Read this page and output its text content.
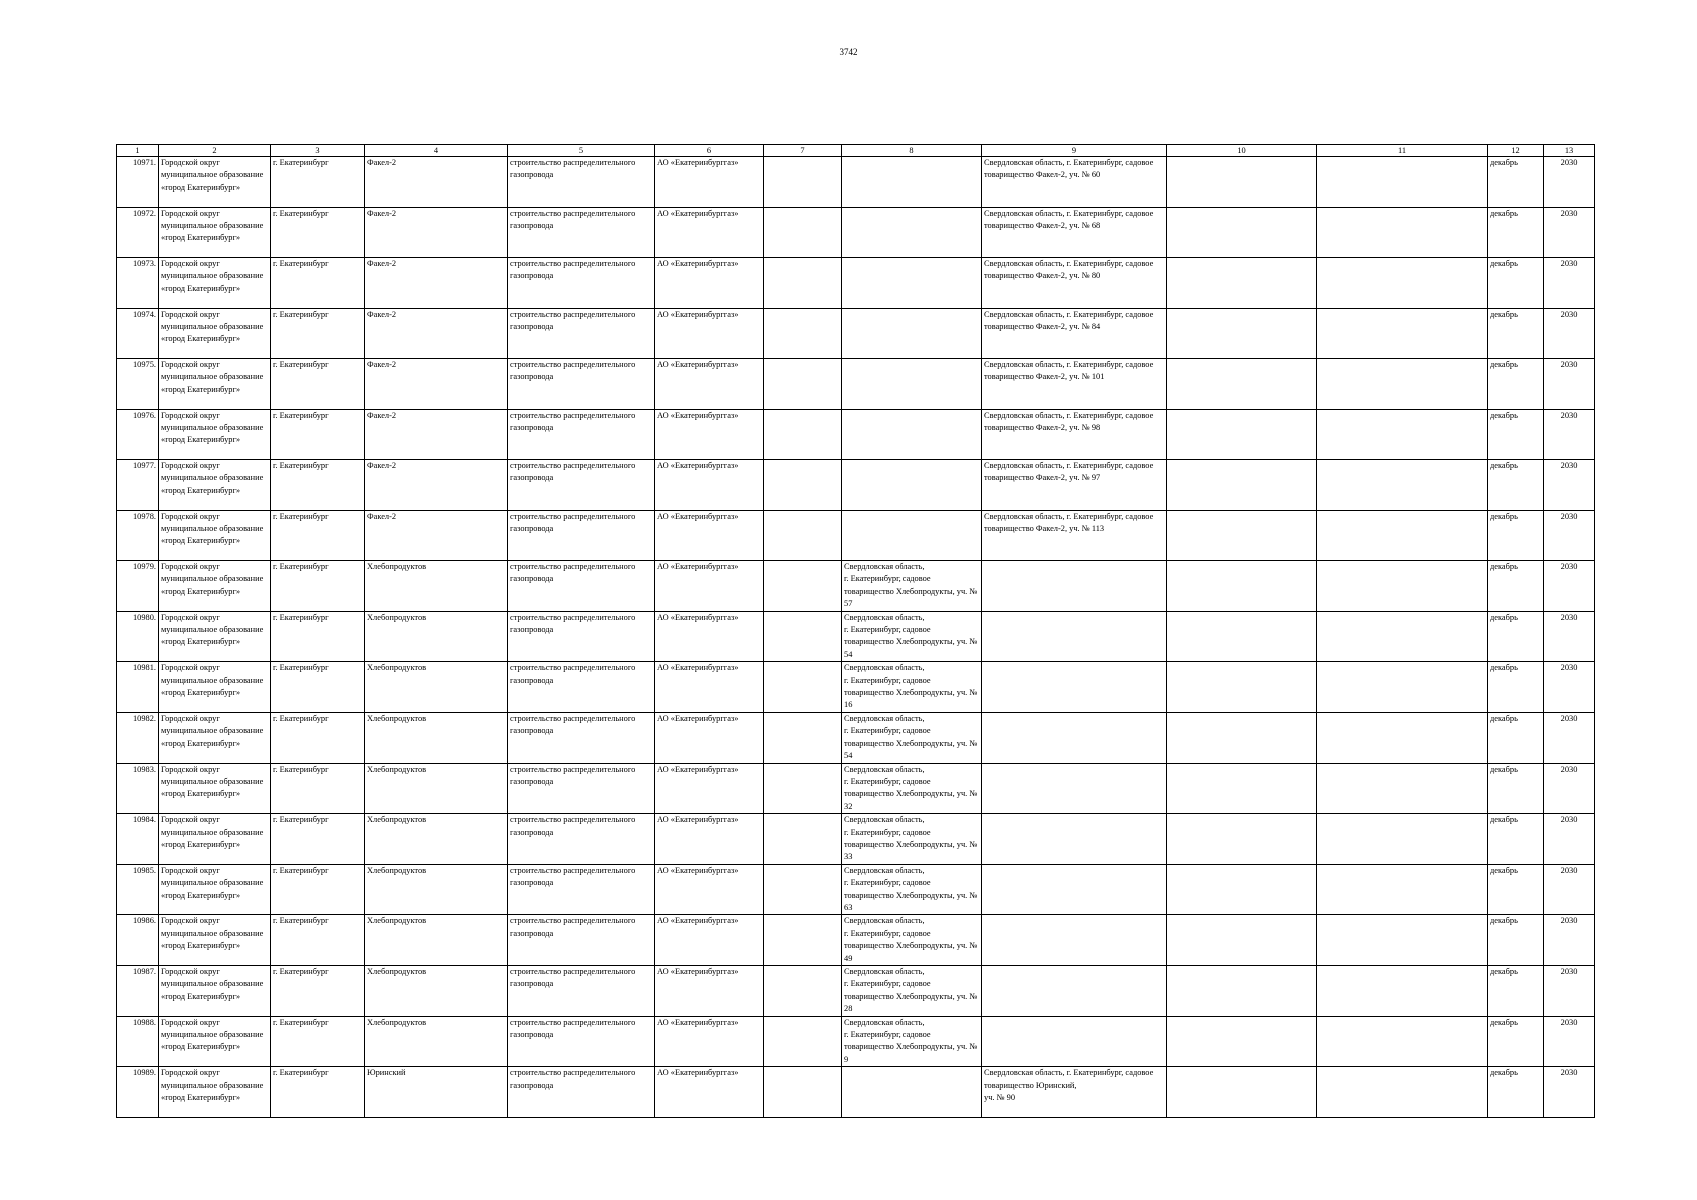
3742
1	2	3	4	5	6	7	8	9	10	11	12	13
10971.	Городской округ муниципальное образование «город Екатеринбург»	г. Екатеринбург	Факел-2	строительство распределительного газопровода	АО «Екатеринбурггаз»			Свердловская область, г. Екатеринбург, садовое товарищество Факел-2, уч. № 60			декабрь	2030
10972.	Городской округ муниципальное образование «город Екатеринбург»	г. Екатеринбург	Факел-2	строительство распределительного газопровода	АО «Екатеринбурггаз»			Свердловская область, г. Екатеринбург, садовое товарищество Факел-2, уч. № 68			декабрь	2030
10973.	Городской округ муниципальное образование «город Екатеринбург»	г. Екатеринбург	Факел-2	строительство распределительного газопровода	АО «Екатеринбурггаз»			Свердловская область, г. Екатеринбург, садовое товарищество Факел-2, уч. № 80			декабрь	2030
10974.	Городской округ муниципальное образование «город Екатеринбург»	г. Екатеринбург	Факел-2	строительство распределительного газопровода	АО «Екатеринбурггаз»			Свердловская область, г. Екатеринбург, садовое товарищество Факел-2, уч. № 84			декабрь	2030
10975.	Городской округ муниципальное образование «город Екатеринбург»	г. Екатеринбург	Факел-2	строительство распределительного газопровода	АО «Екатеринбурггаз»			Свердловская область, г. Екатеринбург, садовое товарищество Факел-2, уч. № 101			декабрь	2030
10976.	Городской округ муниципальное образование «город Екатеринбург»	г. Екатеринбург	Факел-2	строительство распределительного газопровода	АО «Екатеринбурггаз»			Свердловская область, г. Екатеринбург, садовое товарищество Факел-2, уч. № 98			декабрь	2030
10977.	Городской округ муниципальное образование «город Екатеринбург»	г. Екатеринбург	Факел-2	строительство распределительного газопровода	АО «Екатеринбурггаз»			Свердловская область, г. Екатеринбург, садовое товарищество Факел-2, уч. № 97			декабрь	2030
10978.	Городской округ муниципальное образование «город Екатеринбург»	г. Екатеринбург	Факел-2	строительство распределительного газопровода	АО «Екатеринбурггаз»			Свердловская область, г. Екатеринбург, садовое товарищество Факел-2, уч. № 113			декабрь	2030
10979.	Городской округ муниципальное образование «город Екатеринбург»	г. Екатеринбург	Хлебопродуктов	строительство распределительного газопровода	АО «Екатеринбурггаз»		Свердловская область,
г. Екатеринбург, садовое товарищество Хлебопродукты, уч. № 57				декабрь	2030
10980.	Городской округ муниципальное образование «город Екатеринбург»	г. Екатеринбург	Хлебопродуктов	строительство распределительного газопровода	АО «Екатеринбурггаз»		Свердловская область,
г. Екатеринбург, садовое товарищество Хлебопродукты, уч. № 54				декабрь	2030
10981.	Городской округ муниципальное образование «город Екатеринбург»	г. Екатеринбург	Хлебопродуктов	строительство распределительного газопровода	АО «Екатеринбурггаз»		Свердловская область,
г. Екатеринбург, садовое товарищество Хлебопродукты, уч. № 16				декабрь	2030
10982.	Городской округ муниципальное образование «город Екатеринбург»	г. Екатеринбург	Хлебопродуктов	строительство распределительного газопровода	АО «Екатеринбурггаз»		Свердловская область,
г. Екатеринбург, садовое товарищество Хлебопродукты, уч. № 54				декабрь	2030
10983.	Городской округ муниципальное образование «город Екатеринбург»	г. Екатеринбург	Хлебопродуктов	строительство распределительного газопровода	АО «Екатеринбурггаз»		Свердловская область,
г. Екатеринбург, садовое товарищество Хлебопродукты, уч. № 32				декабрь	2030
10984.	Городской округ муниципальное образование «город Екатеринбург»	г. Екатеринбург	Хлебопродуктов	строительство распределительного газопровода	АО «Екатеринбурггаз»		Свердловская область,
г. Екатеринбург, садовое товарищество Хлебопродукты, уч. № 33				декабрь	2030
10985.	Городской округ муниципальное образование «город Екатеринбург»	г. Екатеринбург	Хлебопродуктов	строительство распределительного газопровода	АО «Екатеринбурггаз»		Свердловская область,
г. Екатеринбург, садовое товарищество Хлебопродукты, уч. № 63				декабрь	2030
10986.	Городской округ муниципальное образование «город Екатеринбург»	г. Екатеринбург	Хлебопродуктов	строительство распределительного газопровода	АО «Екатеринбурггаз»		Свердловская область,
г. Екатеринбург, садовое товарищество Хлебопродукты, уч. № 49				декабрь	2030
10987.	Городской округ муниципальное образование «город Екатеринбург»	г. Екатеринбург	Хлебопродуктов	строительство распределительного газопровода	АО «Екатеринбурггаз»		Свердловская область,
г. Екатеринбург, садовое товарищество Хлебопродукты, уч. № 28				декабрь	2030
10988.	Городской округ муниципальное образование «город Екатеринбург»	г. Екатеринбург	Хлебопродуктов	строительство распределительного газопровода	АО «Екатеринбурггаз»		Свердловская область,
г. Екатеринбург, садовое товарищество Хлебопродукты, уч. № 9				декабрь	2030
10989.	Городской округ муниципальное образование «город Екатеринбург»	г. Екатеринбург	Юринский	строительство распределительного газопровода	АО «Екатеринбурггаз»			Свердловская область, г. Екатеринбург, садовое товарищество Юринский,
уч. № 90			декабрь	2030
